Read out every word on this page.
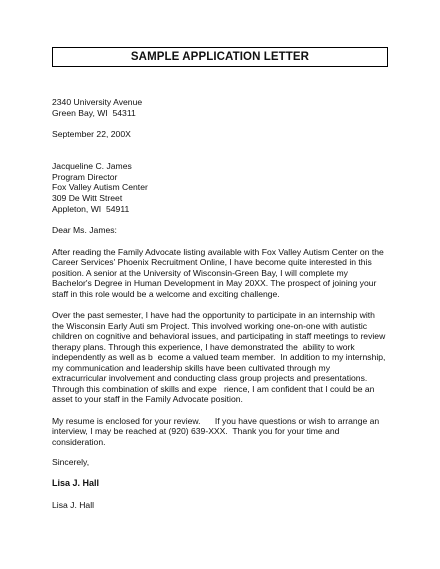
SAMPLE APPLICATION LETTER

2340 University Avenue

Green Bay, WI  54311

September 22, 200X

Jacqueline C. James

Program Director

Fox Valley Autism Center

309 De Witt Street

Appleton, WI  54911

Dear Ms. James:

After reading the Family Advocate listing available with Fox Valley Autism Center on the

Career Services' Phoenix Recruitment Online, I have become quite interested in this

position. A senior at the University of Wisconsin-Green Bay, I will complete my

Bachelor's Degree in Human Development in May 20XX. The prospect of joining your

staff in this role would be a welcome and exciting challenge.

Over the past semester, I have had the opportunity to participate in an internship with

the Wisconsin Early Auti sm Project. This involved working one-on-one with autistic

children on cognitive and behavioral issues, and participating in staff meetings to review

therapy plans. Through this experience, I have demonstrated the  ability to work

independently as well as b  ecome a valued team member.  In addition to my internship,

my communication and leadership skills have been cultivated through my

extracurricular involvement and conducting class group projects and presentations.

Through this combination of skills and expe   rience, I am confident that I could be an

asset to your staff in the Family Advocate position.

My resume is enclosed for your review.      If you have questions or wish to arrange an

interview, I may be reached at (920) 639-XXX.  Thank you for your time and

consideration.

Sincerely,

Lisa J. Hall

Lisa J. Hall
